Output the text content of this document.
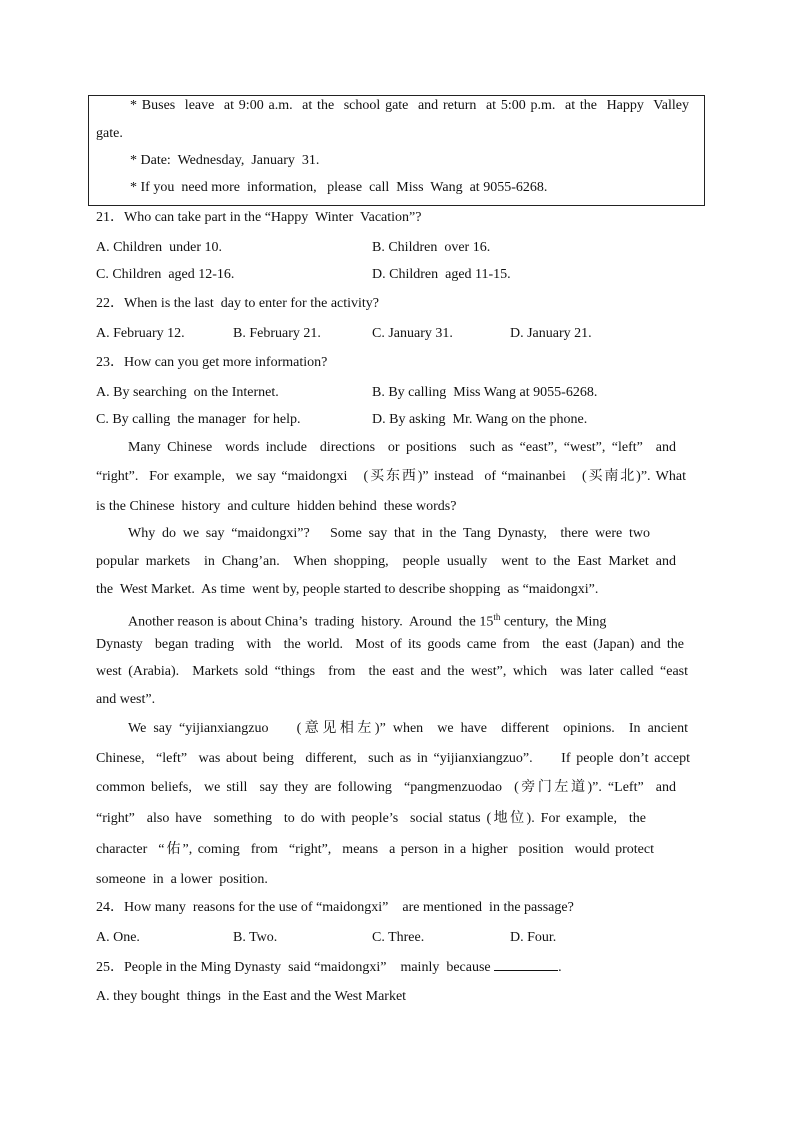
* Buses  leave  at 9:00 a.m.  at the  school gate  and return  at 5:00 p.m.  at the  Happy  Valley
gate.
* Date:  Wednesday,  January  31.
* If you  need more  information,   please  call  Miss  Wang  at 9055-6268.
21．Who can take part in the “Happy  Winter  Vacation”?
A. Children  under 10.	B. Children  over 16.
C. Children  aged 12-16.	D. Children  aged 11-15.
22．When is the last  day to enter for the activity?
A. February 12.	B. February 21.	C. January 31.	D. January 21.
23．How can you get more information?
A. By searching  on the Internet.	B. By calling  Miss Wang at 9055-6268.
C. By calling  the manager  for help.	D. By asking  Mr. Wang on the phone.
Many Chinese  words include  directions  or positions  such as “east”, “west”, “left”  and
“right”.  For example,  we say “maidongxi   (买东西)” instead  of “mainanbei   (买南北)”. What
is the Chinese  history  and culture  hidden behind  these words?
Why do we say “maidongxi”?   Some say that in the Tang Dynasty,  there were two
popular markets  in Chang’an.  When shopping,  people usually  went to the East Market and
the  West Market.  As time  went by, people started to describe shopping  as “maidongxi”.
Another reason is about China’s  trading  history.  Around  the 15th century,  the Ming
Dynasty  began trading  with  the world.  Most of its goods came from  the east (Japan) and the
west (Arabia).  Markets sold “things  from  the east and the west”, which  was later called “east
and west”.
We say “yijianxiangzuo    (意见相左)” when  we have  different  opinions.  In ancient
Chinese,  “left”  was about being  different,  such as in “yijianxiangzuo”.     If people don’t accept
common beliefs,  we still  say they are following  “pangmenzuodao  (旁门左道)”. “Left”  and
“right”  also have  something  to do with people’s  social status (地位). For example,  the
character  “佑”, coming  from  “right”,  means  a person in a higher  position  would protect
someone  in  a lower  position.
24．How many  reasons for the use of “maidongxi”    are mentioned  in the passage?
A. One.	B. Two.	C. Three.	D. Four.
25．People in the Ming Dynasty  said “maidongxi”    mainly  because	.
A. they bought  things  in the East and the West Market
